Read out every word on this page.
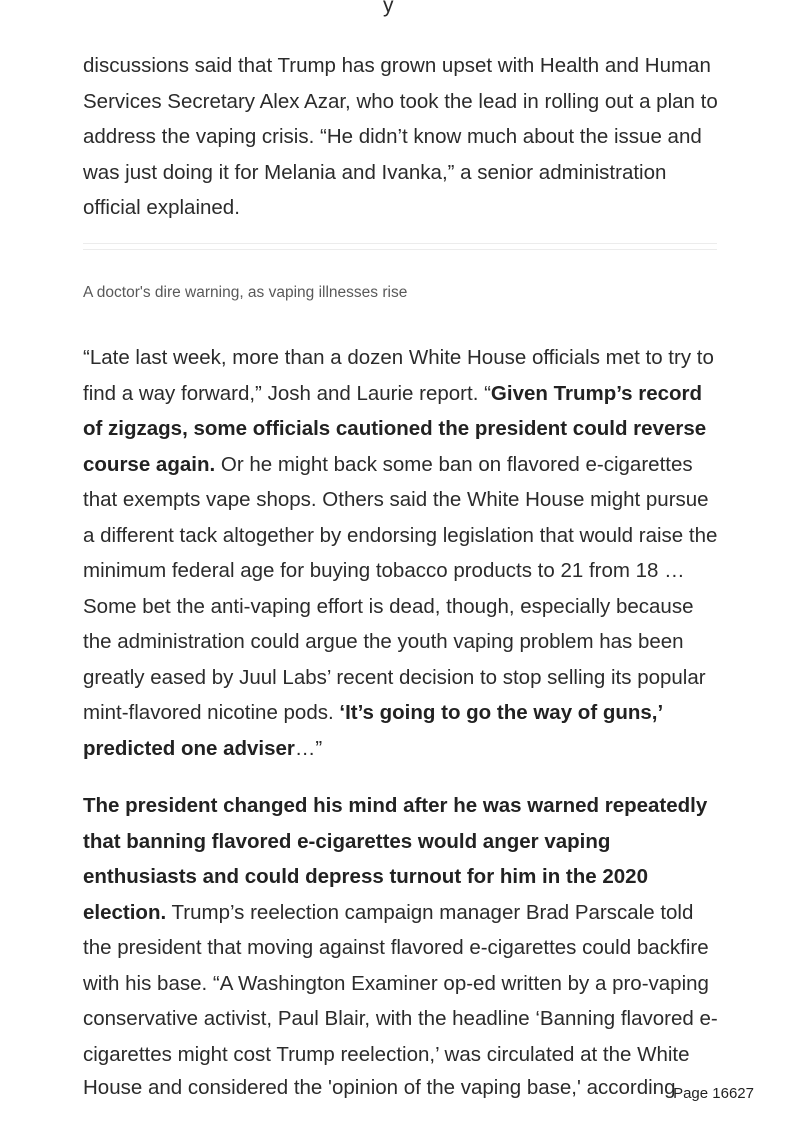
y

discussions said that Trump has grown upset with Health and Human Services Secretary Alex Azar, who took the lead in rolling out a plan to address the vaping crisis. “He didn’t know much about the issue and was just doing it for Melania and Ivanka,” a senior administration official explained.

A doctor's dire warning, as vaping illnesses rise

“Late last week, more than a dozen White House officials met to try to find a way forward,” Josh and Laurie report. “Given Trump’s record of zigzags, some officials cautioned the president could reverse course again. Or he might back some ban on flavored e-cigarettes that exempts vape shops. Others said the White House might pursue a different tack altogether by endorsing legislation that would raise the minimum federal age for buying tobacco products to 21 from 18 … Some bet the anti-vaping effort is dead, though, especially because the administration could argue the youth vaping problem has been greatly eased by Juul Labs’ recent decision to stop selling its popular mint-flavored nicotine pods. ‘It’s going to go the way of guns,’ predicted one adviser…”

The president changed his mind after he was warned repeatedly that banning flavored e-cigarettes would anger vaping enthusiasts and could depress turnout for him in the 2020 election. Trump’s reelection campaign manager Brad Parscale told the president that moving against flavored e-cigarettes could backfire with his base. “A Washington Examiner op-ed written by a pro-vaping conservative activist, Paul Blair, with the headline ‘Banning flavored e-cigarettes might cost Trump reelection,’ was circulated at the White

House and considered the 'opinion of the vaping base,' according

Page 16627
